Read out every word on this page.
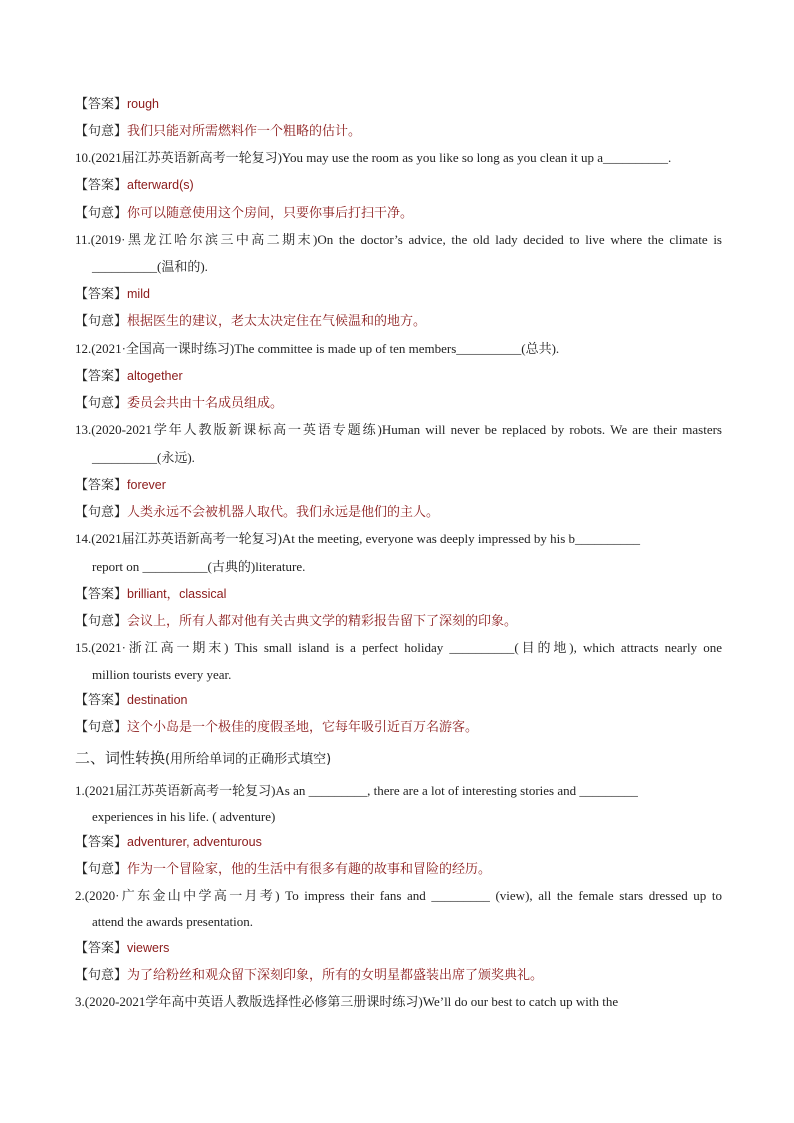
【答案】rough
【句意】我们只能对所需燃料作一个粗略的估计。
10.(2021届江苏英语新高考一轮复习)You may use the room as you like so long as you clean it up a__________.
【答案】afterward(s)
【句意】你可以随意使用这个房间，只要你事后打扫干净。
11.(2019·黑龙江哈尔滨三中高二期末)On the doctor’s advice, the old lady decided to live where the climate is
__________(温和的).
【答案】mild
【句意】根据医生的建议，老太太决定住在气候温和的地方。
12.(2021·全国高一课时练习)The committee is made up of ten members__________(总共).
【答案】altogether
【句意】委员会共由十名成员组成。
13.(2020-2021学年人教版新课标高一英语专题练)Human will never be replaced by robots. We are their masters
__________(永远).
【答案】forever
【句意】人类永远不会被机器人取代。我们永远是他们的主人。
14.(2021届江苏英语新高考一轮复习)At the meeting, everyone was deeply impressed by his b__________
report on __________(古典的)literature.
【答案】brilliant，classical
【句意】会议上，所有人都对他有关古典文学的精彩报告留下了深刻的印象。
15.(2021·浙江高一期末) This small island is a perfect holiday __________(目的地), which attracts nearly one
million tourists every year.
【答案】destination
【句意】这个小岛是一个极佳的度假圣地，它每年吸引近百万名游客。
二、词性转换(用所给单词的正确形式填空)
1.(2021届江苏英语新高考一轮复习)As an _________, there are a lot of interesting stories and _________
experiences in his life. ( adventure)
【答案】adventurer, adventurous
【句意】作为一个冒险家，他的生活中有很多有趣的故事和冒险的经历。
2.(2020·广东金山中学高一月考) To impress their fans and _________ (view), all the female stars dressed up to
attend the awards presentation.
【答案】viewers
【句意】为了给粉丝和观众留下深刻印象，所有的女明星都盛装出席了颁奖典礼。
3.(2020-2021学年高中英语人教版选择性必修第三册课时练习)We’ll do our best to catch up with the
